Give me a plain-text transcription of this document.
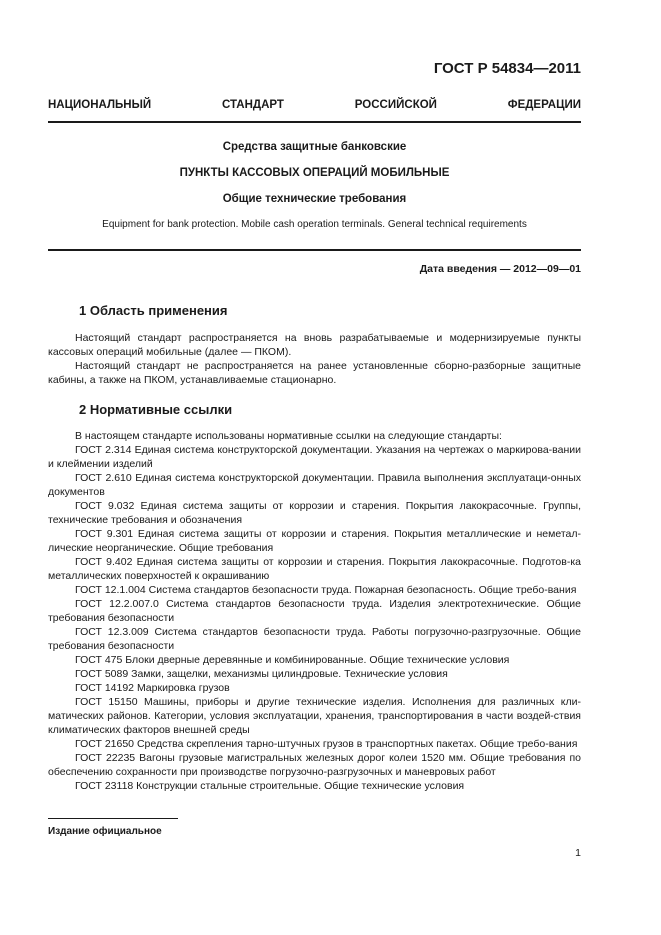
ГОСТ Р 54834—2011
НАЦИОНАЛЬНЫЙ	СТАНДАРТ	РОССИЙСКОЙ	ФЕДЕРАЦИИ
Средства защитные банковские
ПУНКТЫ КАССОВЫХ ОПЕРАЦИЙ МОБИЛЬНЫЕ
Общие технические требования
Equipment for bank protection. Mobile cash operation terminals. General technical requirements
Дата введения — 2012—09—01
1 Область применения

Настоящий стандарт распространяется на вновь разрабатываемые и модернизируемые пункты кассовых операций мобильные (далее — ПКОМ).

Настоящий стандарт не распространяется на ранее установленные сборно-разборные защитные кабины, а также на ПКОМ, устанавливаемые стационарно.

2 Нормативные ссылки

В настоящем стандарте использованы нормативные ссылки на следующие стандарты:

ГОСТ 2.314 Единая система конструкторской документации. Указания на чертежах о маркирова-вании и клеймении изделий

ГОСТ 2.610 Единая система конструкторской документации. Правила выполнения эксплуатаци-онных документов

ГОСТ 9.032 Единая система защиты от коррозии и старения. Покрытия лакокрасочные. Группы, технические требования и обозначения

ГОСТ 9.301 Единая система защиты от коррозии и старения. Покрытия металлические и неметал-лические неорганические. Общие требования

ГОСТ 9.402 Единая система защиты от коррозии и старения. Покрытия лакокрасочные. Подготов-ка металлических поверхностей к окрашиванию

ГОСТ 12.1.004 Система стандартов безопасности труда. Пожарная безопасность. Общие требо-вания

ГОСТ 12.2.007.0 Система стандартов безопасности труда. Изделия электротехнические. Общие требования безопасности

ГОСТ 12.3.009 Система стандартов безопасности труда. Работы погрузочно-разгрузочные. Общие требования безопасности

ГОСТ 475 Блоки дверные деревянные и комбинированные. Общие технические условия

ГОСТ 5089 Замки, защелки, механизмы цилиндровые. Технические условия

ГОСТ 14192 Маркировка грузов

ГОСТ 15150 Машины, приборы и другие технические изделия. Исполнения для различных кли-матических районов. Категории, условия эксплуатации, хранения, транспортирования в части воздей-ствия климатических факторов внешней среды

ГОСТ 21650 Средства скрепления тарно-штучных грузов в транспортных пакетах. Общие требо-вания

ГОСТ 22235 Вагоны грузовые магистральных железных дорог колеи 1520 мм. Общие требования по обеспечению сохранности при производстве погрузочно-разгрузочных и маневровых работ

ГОСТ 23118 Конструкции стальные строительные. Общие технические условия

Издание официальное
1
